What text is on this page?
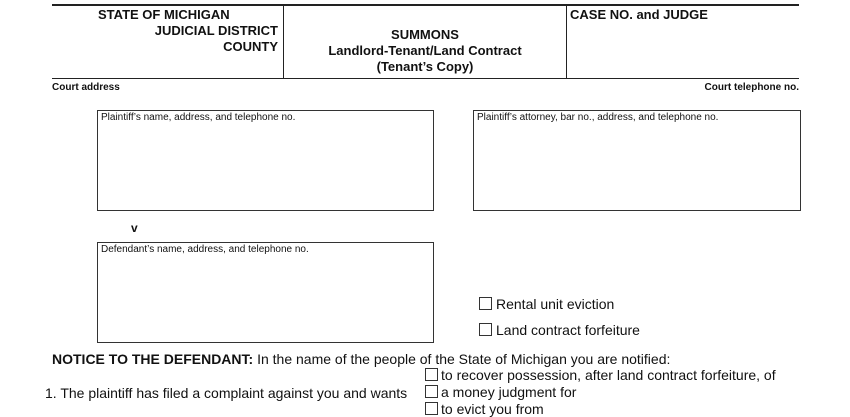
STATE OF MICHIGAN
JUDICIAL DISTRICT
COUNTY
SUMMONS
Landlord-Tenant/Land Contract
(Tenant’s Copy)
CASE NO. and JUDGE
Court address	Court telephone no.
Plaintiff’s name, address, and telephone no.	Plaintiff’s attorney, bar no., address, and telephone no.
v
Defendant’s name, address, and telephone no.
Rental unit eviction
Land contract forfeiture
NOTICE TO THE DEFENDANT: In the name of the people of the State of Michigan you are notified:
1. The plaintiff has filed a complaint against you and wants
to recover possession, after land contract forfeiture, of
a money judgment for
to evict you from
